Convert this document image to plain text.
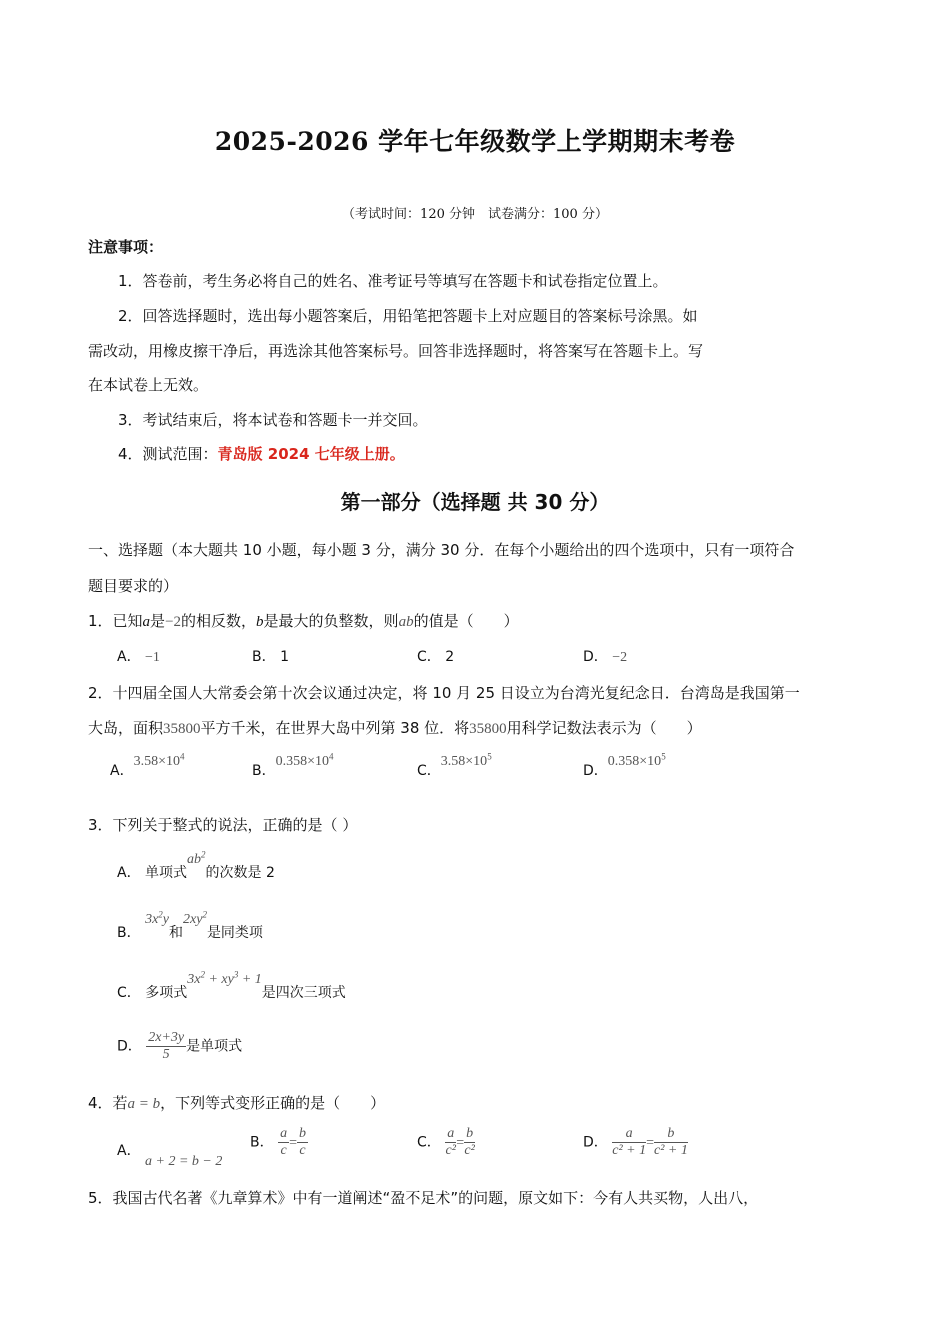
2025-2026 学年七年级数学上学期期末考卷
（考试时间：120 分钟　试卷满分：100 分）
注意事项：
1．答卷前，考生务必将自己的姓名、准考证号等填写在答题卡和试卷指定位置上。
2．回答选择题时，选出每小题答案后，用铅笔把答题卡上对应题目的答案标号涂黑。如
需改动，用橡皮擦干净后，再选涂其他答案标号。回答非选择题时，将答案写在答题卡上。写
在本试卷上无效。
3．考试结束后，将本试卷和答题卡一并交回。
4．测试范围：青岛版 2024 七年级上册。
第一部分（选择题 共 30 分）
一、选择题（本大题共 10 小题，每小题 3 分，满分 30 分．在每个小题给出的四个选项中，只有一项符合
题目要求的）
1．已知a是−2的相反数，b是最大的负整数，则ab的值是（　　）
A． −1	B． 1	C． 2	D． −2
2．十四届全国人大常委会第十次会议通过决定，将 10 月 25 日设立为台湾光复纪念日．台湾岛是我国第一
大岛，面积35800平方千米，在世界大岛中列第 38 位．将35800用科学记数法表示为（　　）
A．$3.58\times 10^4$
B．$0.358\times 10^4$
C．$3.58\times 10^5$
D．$0.358\times 10^5$
3．下列关于整式的说法，正确的是（ ）
A． 单项式$ab^2$的次数是 2
B． $3x^2y$和$2xy^2$是同类项
C． 多项式$3x^2 + xy^3 + 1$是四次三项式
D． $\frac{2x+3y}{5}$ 是单项式
4．若a = b，下列等式变形正确的是（　　）
A． a + 2 = b − 2
B． $\frac{a}{c} = \frac{b}{c}$	C． $\frac{a}{\text{c²}} = \frac{b}{\text{c²}}$	D． $\frac{a}{\text{c² + 1}} = \frac{b}{\text{c² + 1}}$
5．我国古代名著《九章算术》中有一道阐述“盈不足术”的问题，原文如下：今有人共买物，人出八，
